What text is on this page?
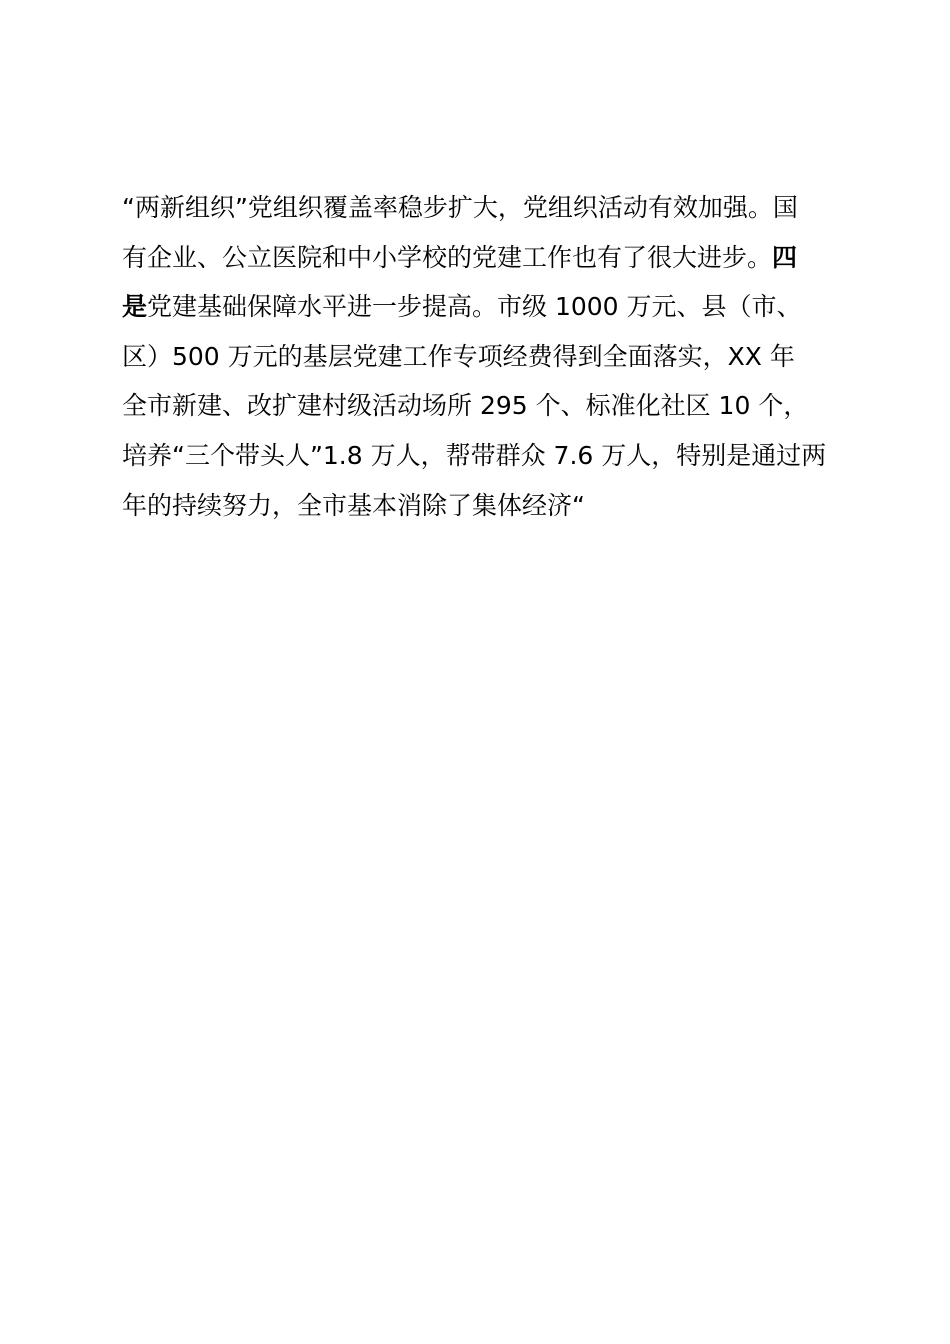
“两新组织”党组织覆盖率稳步扩大，党组织活动有效加强。国
有企业、公立医院和中小学校的党建工作也有了很大进步。四
是党建基础保障水平进一步提高。市级 1000 万元、县（市、
区）500 万元的基层党建工作专项经费得到全面落实，XX 年
全市新建、改扩建村级活动场所 295 个、标准化社区 10 个，
培养“三个带头人”1.8 万人，帮带群众 7.6 万人，特别是通过两
年的持续努力，全市基本消除了集体经济“
